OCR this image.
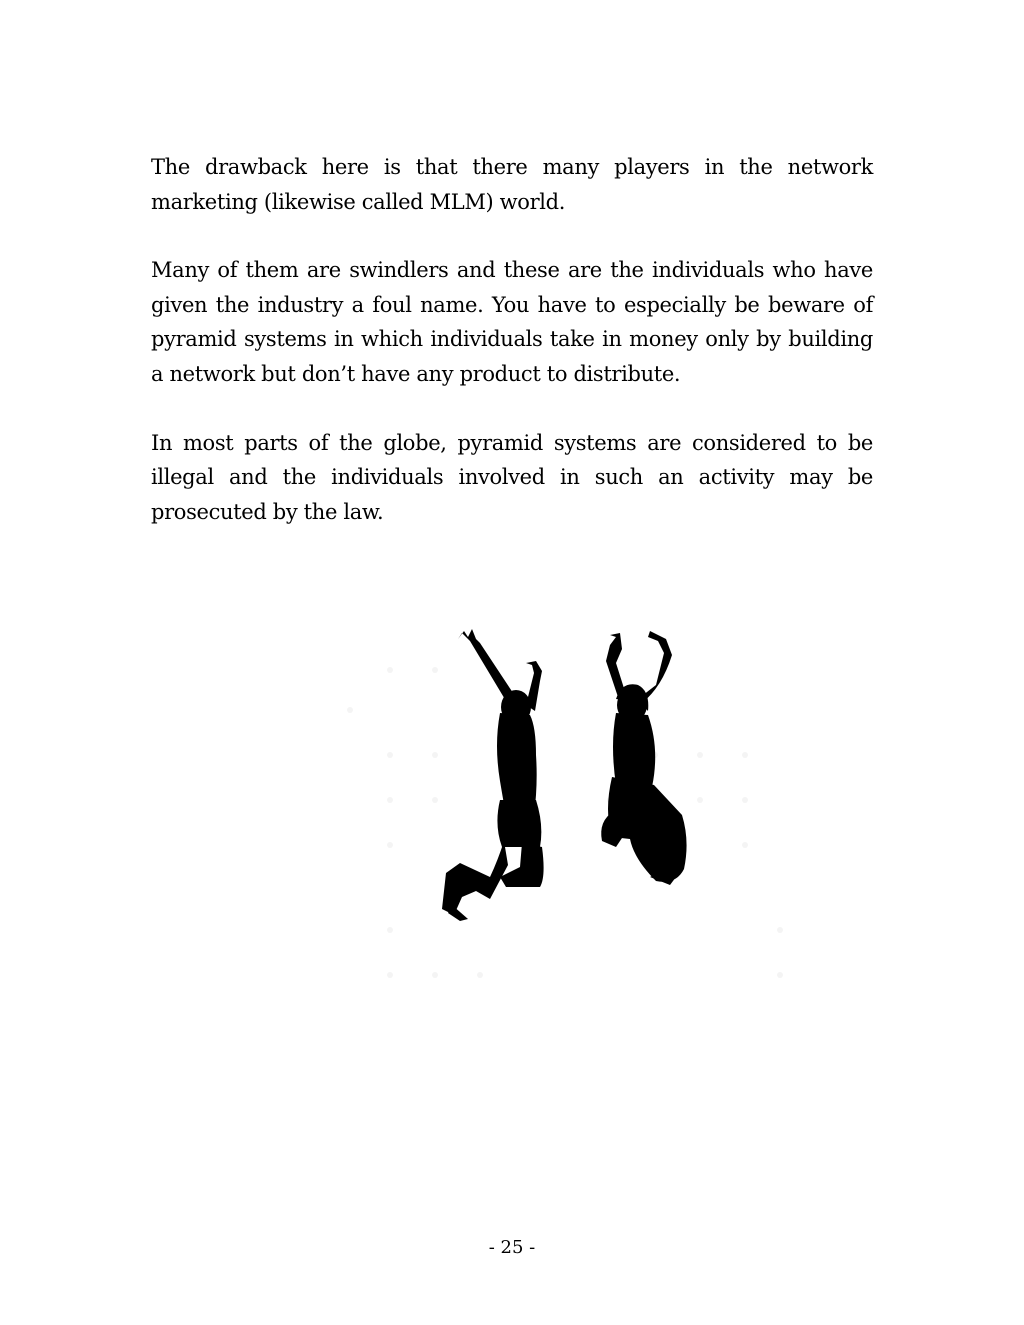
The drawback here is that there many players in the network marketing (likewise called MLM) world.

Many of them are swindlers and these are the individuals who have given the industry a foul name. You have to especially be beware of pyramid systems in which individuals take in money only by building a network but don’t have any product to distribute.

In most parts of the globe, pyramid systems are considered to be illegal and the individuals involved in such an activity may be prosecuted by the law.

- 25 -
